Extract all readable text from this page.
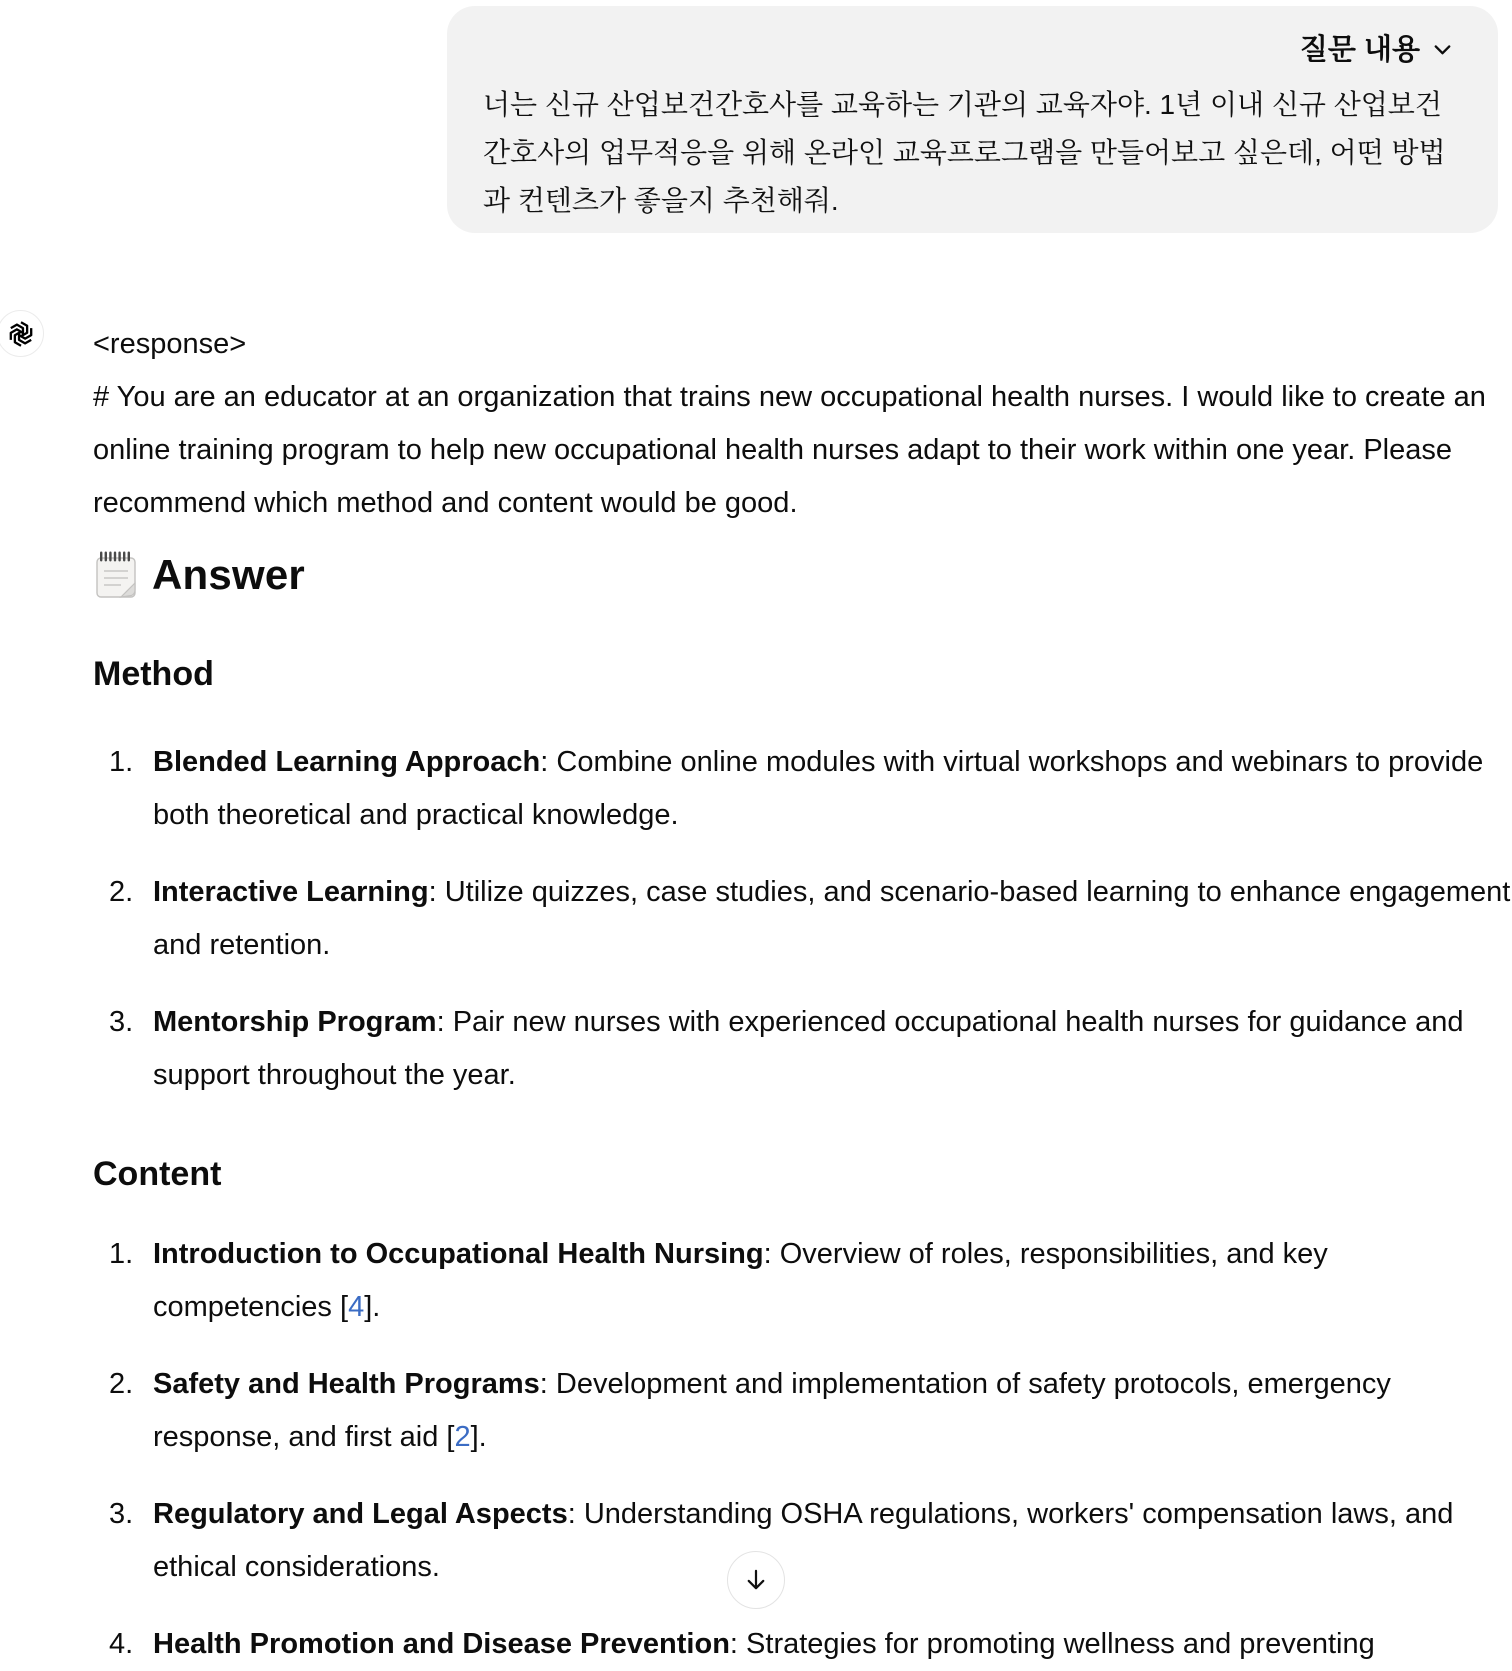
질문 내용
너는 신규 산업보건간호사를 교육하는 기관의 교육자야. 1년 이내 신규 산업보건간호사의 업무적응을 위해 온라인 교육프로그램을 만들어보고 싶은데, 어떤 방법과 컨텐츠가 좋을지 추천해줘.

<response>

# You are an educator at an organization that trains new occupational health nurses. I would like to create an online training program to help new occupational health nurses adapt to their work within one year. Please recommend which method and content would be good.

Answer
Method
1. Blended Learning Approach: Combine online modules with virtual workshops and webinars to provide both theoretical and practical knowledge.
2. Interactive Learning: Utilize quizzes, case studies, and scenario-based learning to enhance engagement and retention.
3. Mentorship Program: Pair new nurses with experienced occupational health nurses for guidance and support throughout the year.
Content
1. Introduction to Occupational Health Nursing: Overview of roles, responsibilities, and key competencies [4].
2. Safety and Health Programs: Development and implementation of safety protocols, emergency response, and first aid [2].
3. Regulatory and Legal Aspects: Understanding OSHA regulations, workers' compensation laws, and ethical considerations.
4. Health Promotion and Disease Prevention: Strategies for promoting wellness and preventing
